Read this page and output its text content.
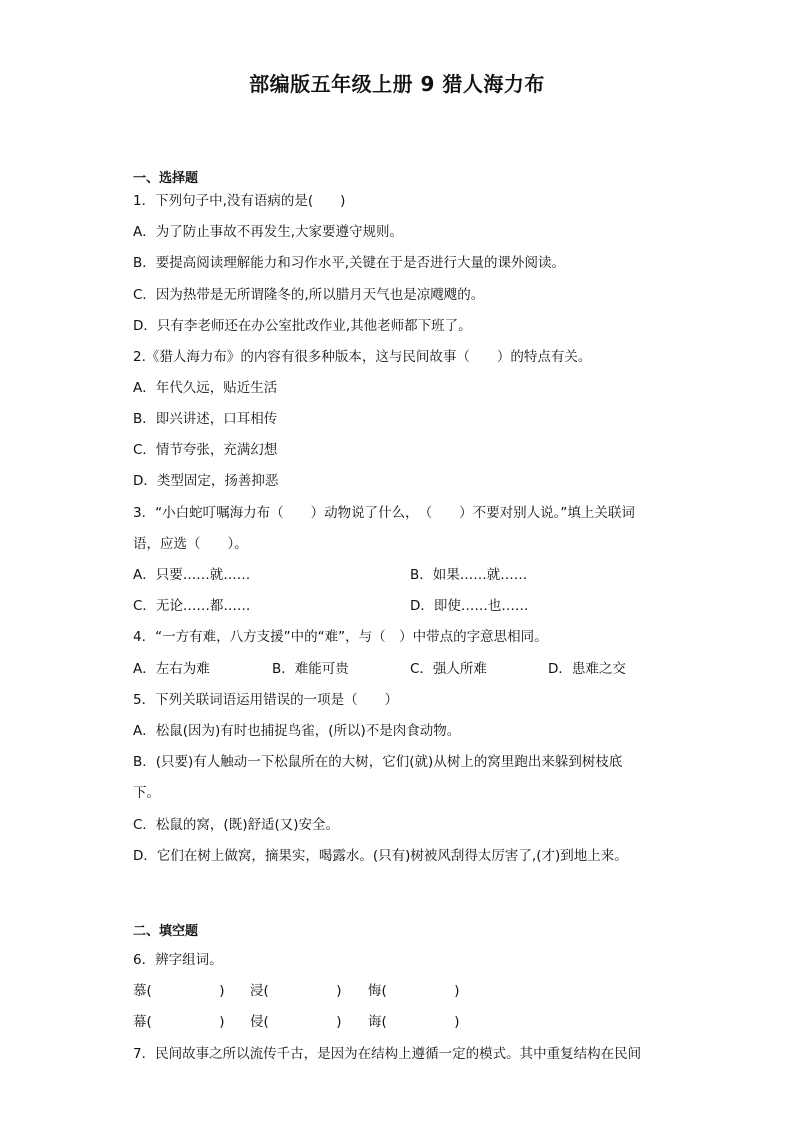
部编版五年级上册 9 猎人海力布
一、选择题
1．下列句子中,没有语病的是(　　)
A．为了防止事故不再发生,大家要遵守规则。
B．要提高阅读理解能力和习作水平,关键在于是否进行大量的课外阅读。
C．因为热带是无所谓隆冬的,所以腊月天气也是凉飕飕的。
D．只有李老师还在办公室批改作业,其他老师都下班了。
2.《猎人海力布》的内容有很多种版本，这与民间故事（　　）的特点有关。
A．年代久远，贴近生活
B．即兴讲述，口耳相传
C．情节夸张，充满幻想
D．类型固定，扬善抑恶
3．“小白蛇叮嘱海力布（　　）动物说了什么，　（　　）不要对别人说。”填上关联词
语，应选（　　）。
A．只要……就……	B．如果……就……
C．无论……都……	D．即使……也……
4．“一方有难，八方支援”中的“难”，与（　）中带点的字意思相同。
A．左右为难	B．难能可贵	C．强人所难	D．患难之交
5．下列关联词语运用错误的一项是（　　）
A．松鼠(因为)有时也捕捉鸟雀，(所以)不是肉食动物。
B．(只要)有人触动一下松鼠所在的大树，它们(就)从树上的窝里跑出来躲到树枝底
下。
C．松鼠的窝，(既)舒适(又)安全。
D．它们在树上做窝，摘果实，喝露水。(只有)树被风刮得太厉害了,(才)到地上来。
二、填空题
6．辨字组词。
慕(　　　　　) 浸(　　　　　) 悔(　　　　　)
幕(　　　　　) 侵(　　　　　) 诲(　　　　　)
7．民间故事之所以流传千古，是因为在结构上遵循一定的模式。其中重复结构在民间
